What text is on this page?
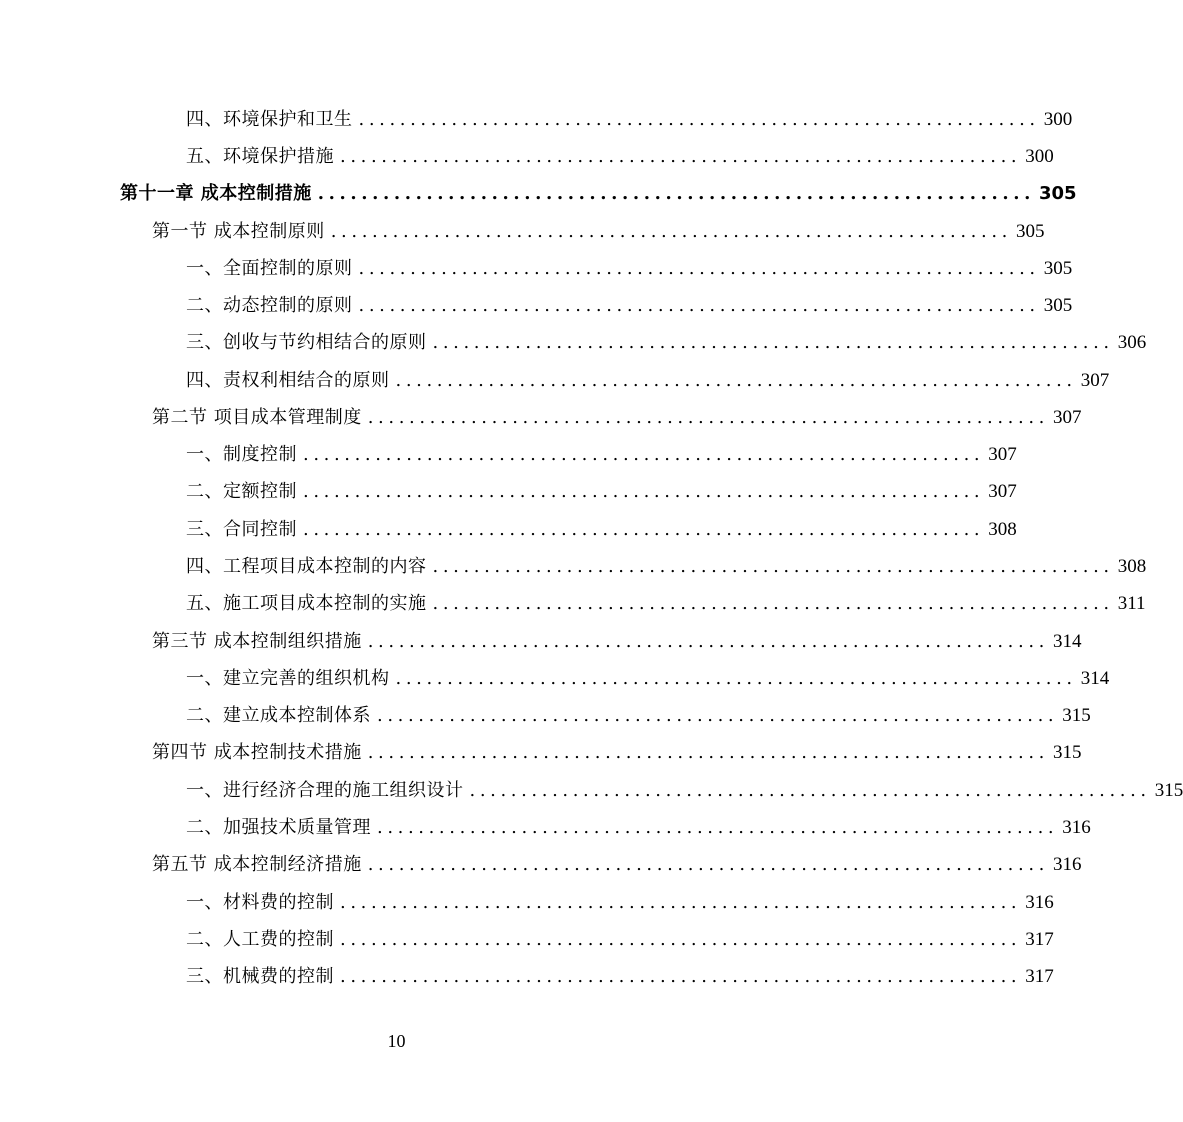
四、环境保护和卫生 .................................................................. 300
五、环境保护措施 .................................................................. 300
第十一章 成本控制措施 .................................................................. 305
第一节 成本控制原则 .................................................................. 305
一、全面控制的原则 .................................................................. 305
二、动态控制的原则 .................................................................. 305
三、创收与节约相结合的原则 .................................................................. 306
四、责权利相结合的原则 .................................................................. 307
第二节 项目成本管理制度 .................................................................. 307
一、制度控制 .................................................................. 307
二、定额控制 .................................................................. 307
三、合同控制 .................................................................. 308
四、工程项目成本控制的内容 .................................................................. 308
五、施工项目成本控制的实施 .................................................................. 311
第三节 成本控制组织措施 .................................................................. 314
一、建立完善的组织机构 .................................................................. 314
二、建立成本控制体系 .................................................................. 315
第四节 成本控制技术措施 .................................................................. 315
一、进行经济合理的施工组织设计 .................................................................. 315
二、加强技术质量管理 .................................................................. 316
第五节 成本控制经济措施 .................................................................. 316
一、材料费的控制 .................................................................. 316
二、人工费的控制 .................................................................. 317
三、机械费的控制 .................................................................. 317
10
